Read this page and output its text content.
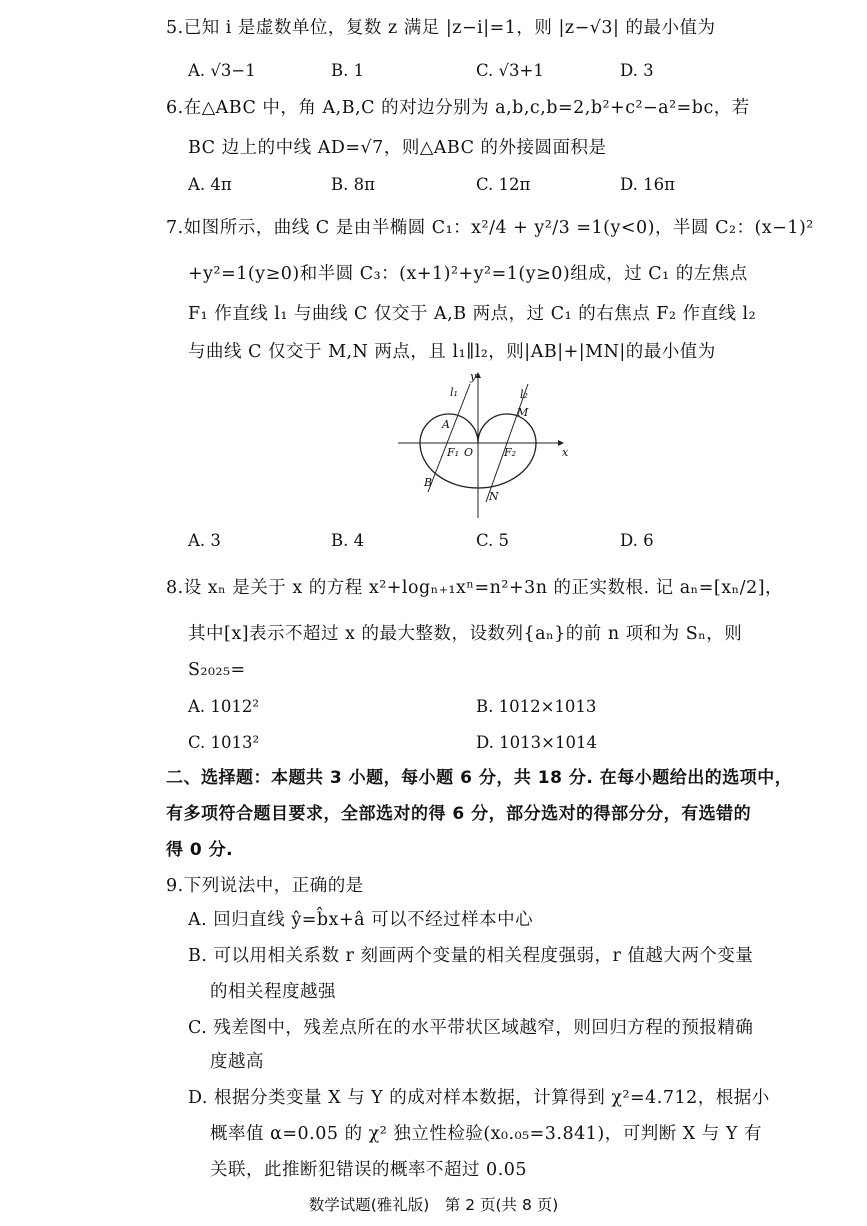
5.已知 i 是虚数单位，复数 z 满足 |z−i|=1，则 |z−√3| 的最小值为
A. √3−1	B. 1	C. √3+1	D. 3
6.在△ABC 中，角 A,B,C 的对边分别为 a,b,c,b=2,b²+c²−a²=bc，若
BC 边上的中线 AD=√7，则△ABC 的外接圆面积是
A. 4π	B. 8π	C. 12π	D. 16π
7.如图所示，曲线 C 是由半椭圆 C₁：x²/4 + y²/3 =1(y<0)，半圆 C₂：(x−1)²
+y²=1(y≥0)和半圆 C₃：(x+1)²+y²=1(y≥0)组成，过 C₁ 的左焦点
F₁ 作直线 l₁ 与曲线 C 仅交于 A,B 两点，过 C₁ 的右焦点 F₂ 作直线 l₂
与曲线 C 仅交于 M,N 两点，且 l₁∥l₂，则|AB|+|MN|的最小值为
y
x
l₁	l₂
A
M
F₁ O	F₂
B
N
A. 3	B. 4	C. 5	D. 6
8.设 xₙ 是关于 x 的方程 x²+logₙ₊₁xⁿ=n²+3n 的正实数根. 记 aₙ=[xₙ/2]，
其中[x]表示不超过 x 的最大整数，设数列{aₙ}的前 n 项和为 Sₙ，则
S₂₀₂₅=
A. 1012²	B. 1012×1013
C. 1013²	D. 1013×1014
二、选择题：本题共 3 小题，每小题 6 分，共 18 分. 在每小题给出的选项中，
有多项符合题目要求，全部选对的得 6 分，部分选对的得部分分，有选错的
得 0 分.
9.下列说法中，正确的是
A. 回归直线 ŷ=b̂x+â 可以不经过样本中心
B. 可以用相关系数 r 刻画两个变量的相关程度强弱，r 值越大两个变量
的相关程度越强
C. 残差图中，残差点所在的水平带状区域越窄，则回归方程的预报精确
度越高
D. 根据分类变量 X 与 Y 的成对样本数据，计算得到 χ²=4.712，根据小
概率值 α=0.05 的 χ² 独立性检验(x₀.₀₅=3.841)，可判断 X 与 Y 有
关联，此推断犯错误的概率不超过 0.05
数学试题(雅礼版)　第 2 页(共 8 页)
